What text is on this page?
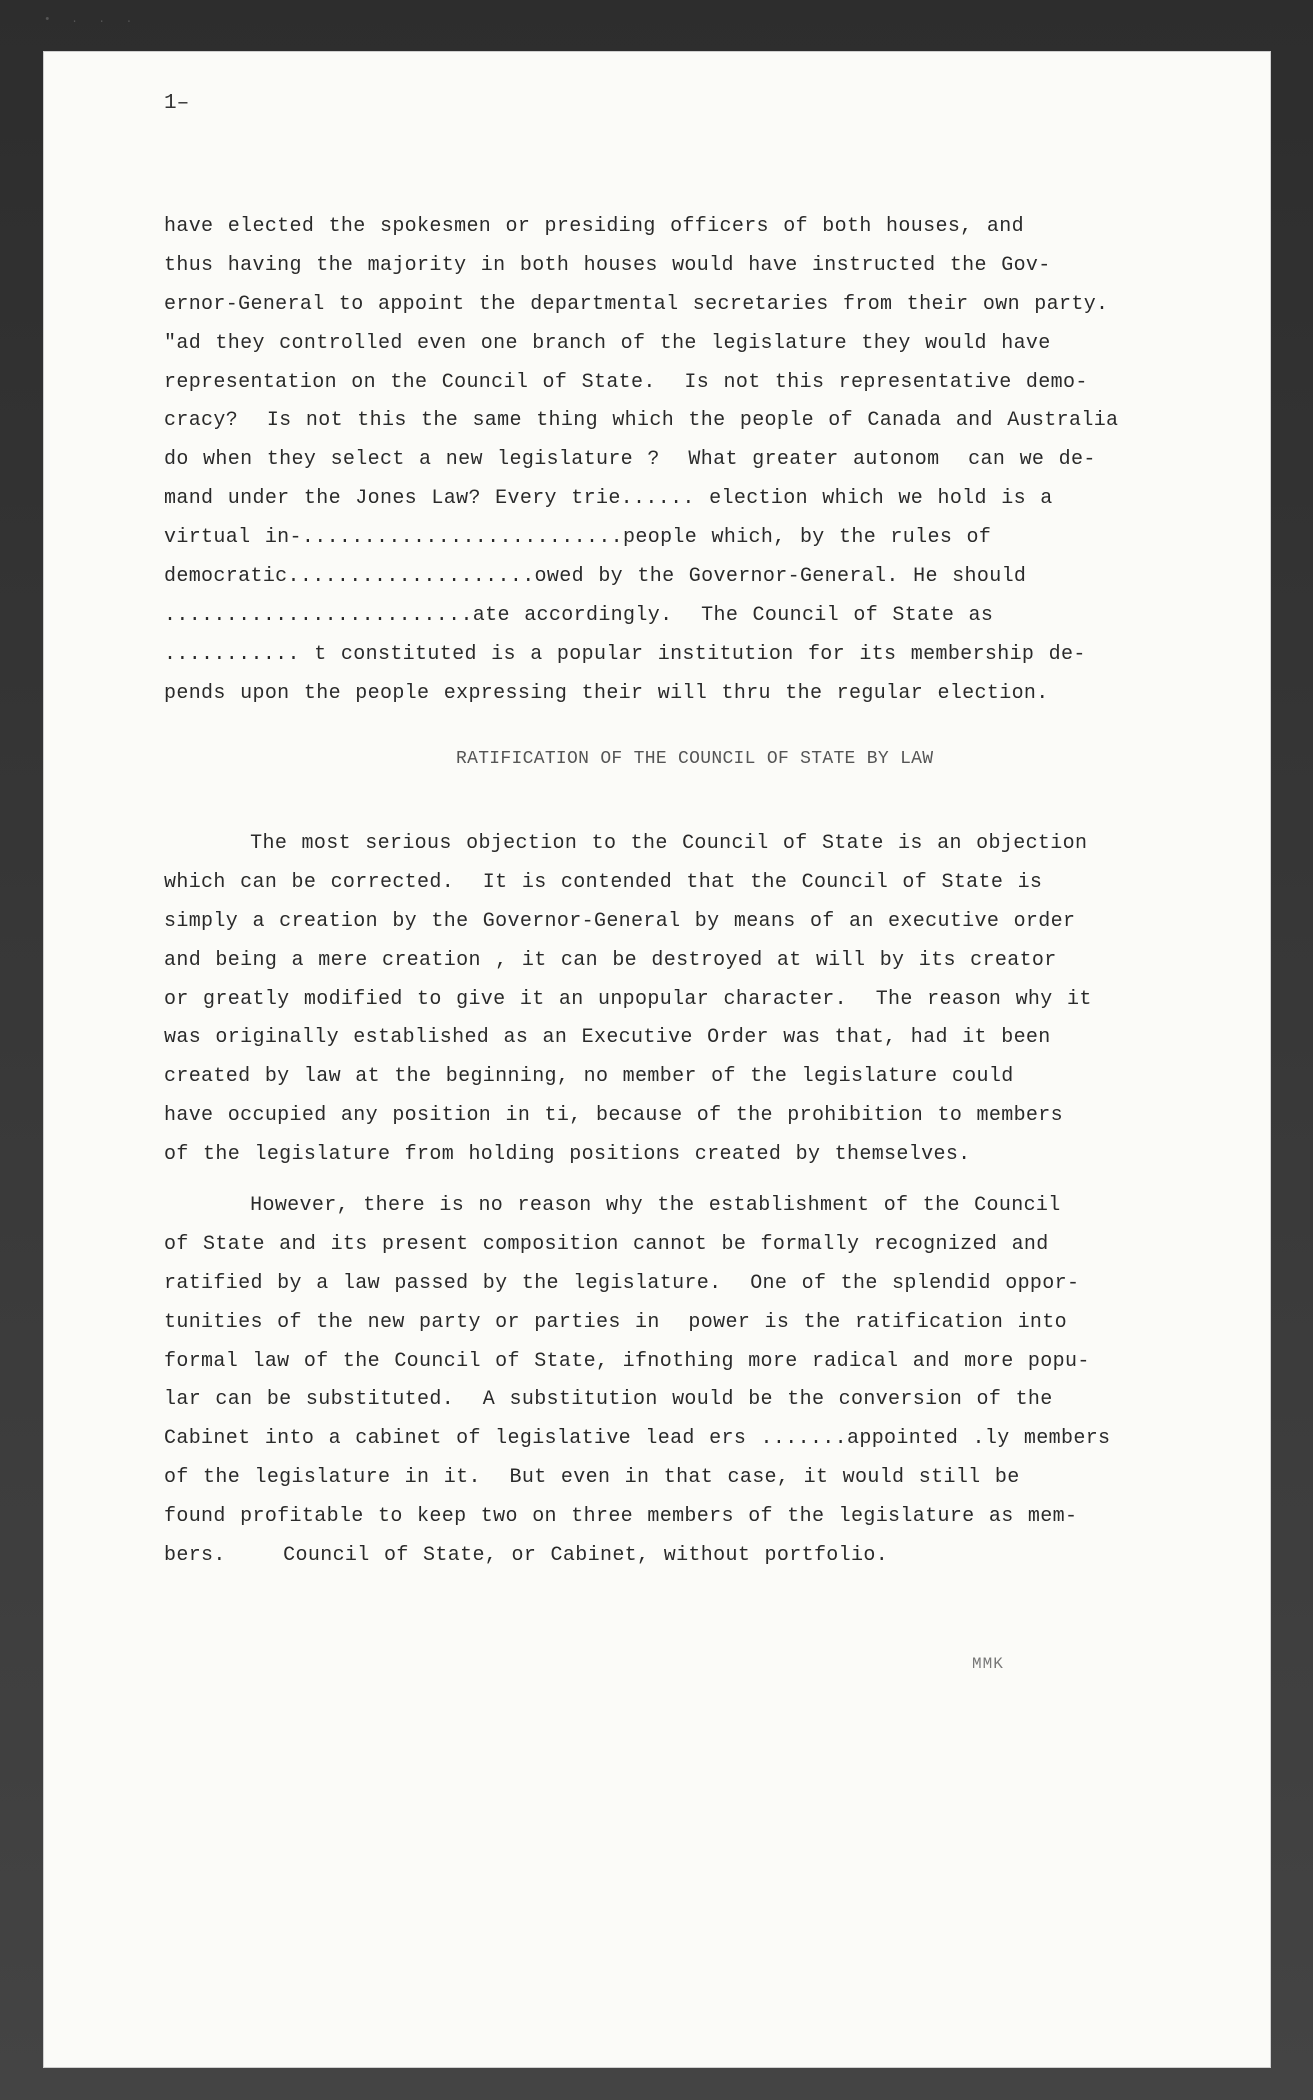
• . . .
1‒
have elected the spokesmen or presiding officers of both houses, and
thus having the majority in both houses would have instructed the Gov-
ernor-General to appoint the departmental secretaries from their own party.
"ad they controlled even one branch of the legislature they would have
representation on the Council of State.  Is not this representative demo-
cracy?  Is not this the same thing which the people of Canada and Australia
do when they select a new legislature ?  What greater autonom  can we de-
mand under the Jones Law? Every trie...... election which we hold is a
virtual in-..........................people which, by the rules of
democratic....................owed by the Governor-General. He should
.........................ate accordingly.  The Council of State as
........... t constituted is a popular institution for its membership de-
pends upon the people expressing their will thru the regular election.
RATIFICATION OF THE COUNCIL OF STATE BY LAW
The most serious objection to the Council of State is an objection
which can be corrected.  It is contended that the Council of State is
simply a creation by the Governor-General by means of an executive order
and being a mere creation , it can be destroyed at will by its creator
or greatly modified to give it an unpopular character.  The reason why it
was originally established as an Executive Order was that, had it been
created by law at the beginning, no member of the legislature could
have occupied any position in ti, because of the prohibition to members
of the legislature from holding positions created by themselves.
However, there is no reason why the establishment of the Council
of State and its present composition cannot be formally recognized and
ratified by a law passed by the legislature.  One of the splendid oppor-
tunities of the new party or parties in  power is the ratification into
formal law of the Council of State, ifnothing more radical and more popu-
lar can be substituted.  A substitution would be the conversion of the
Cabinet into a cabinet of legislative lead ers .......appointed .ly members
of the legislature in it.  But even in that case, it would still be
found profitable to keep two on three members of the legislature as mem-
bers.    Council of State, or Cabinet, without portfolio.
MMK
